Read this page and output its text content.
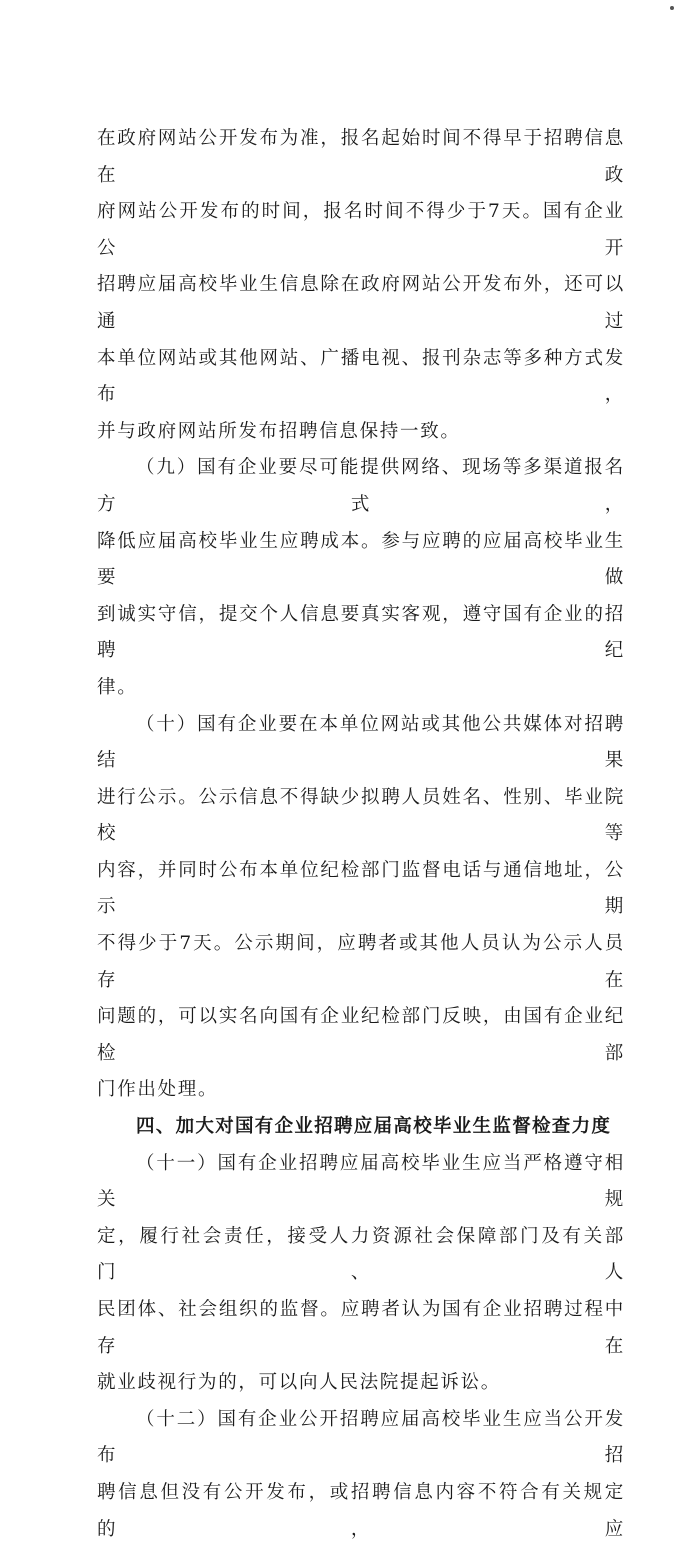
在政府网站公开发布为准，报名起始时间不得早于招聘信息在政

府网站公开发布的时间，报名时间不得少于7天。国有企业公开

招聘应届高校毕业生信息除在政府网站公开发布外，还可以通过

本单位网站或其他网站、广播电视、报刊杂志等多种方式发布，

并与政府网站所发布招聘信息保持一致。

（九）国有企业要尽可能提供网络、现场等多渠道报名方式，

降低应届高校毕业生应聘成本。参与应聘的应届高校毕业生要做

到诚实守信，提交个人信息要真实客观，遵守国有企业的招聘纪

律。

（十）国有企业要在本单位网站或其他公共媒体对招聘结果

进行公示。公示信息不得缺少拟聘人员姓名、性别、毕业院校等

内容，并同时公布本单位纪检部门监督电话与通信地址，公示期

不得少于7天。公示期间，应聘者或其他人员认为公示人员存在

问题的，可以实名向国有企业纪检部门反映，由国有企业纪检部

门作出处理。

四、加大对国有企业招聘应届高校毕业生监督检查力度

（十一）国有企业招聘应届高校毕业生应当严格遵守相关规

定，履行社会责任，接受人力资源社会保障部门及有关部门、人

民团体、社会组织的监督。应聘者认为国有企业招聘过程中存在

就业歧视行为的，可以向人民法院提起诉讼。

（十二）国有企业公开招聘应届高校毕业生应当公开发布招

聘信息但没有公开发布，或招聘信息内容不符合有关规定的，应
